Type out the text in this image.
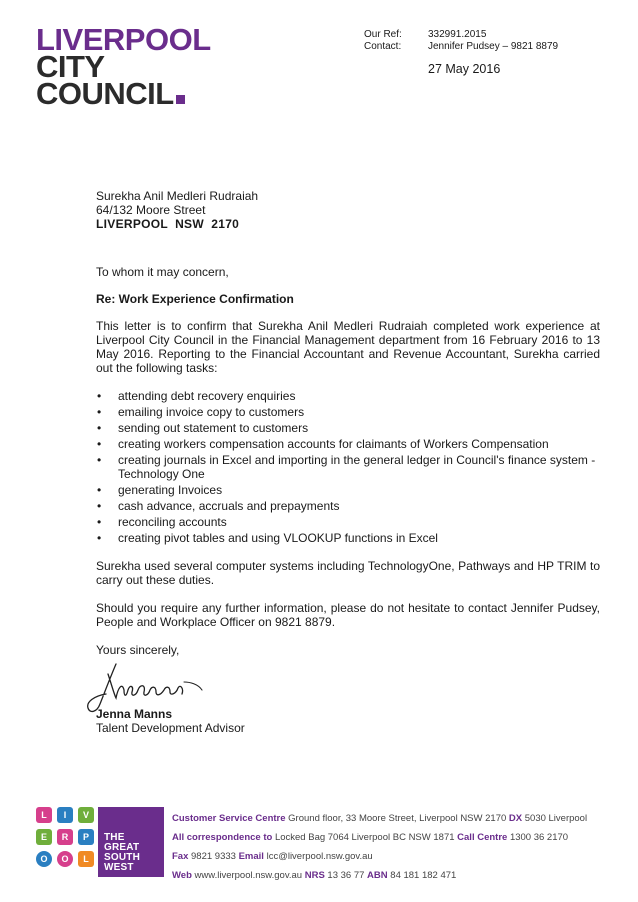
LIVERPOOL
CITY
COUNCIL
Our Ref:	332991.2015
Contact:	Jennifer Pudsey – 9821 8879
27 May 2016
Surekha Anil Medleri Rudraiah
64/132 Moore Street
LIVERPOOL  NSW  2170

To whom it may concern,

Re: Work Experience Confirmation

This letter is to confirm that Surekha Anil Medleri Rudraiah completed work experience at Liverpool City Council in the Financial Management department from 16 February 2016 to 13 May 2016. Reporting to the Financial Accountant and Revenue Accountant, Surekha carried out the following tasks:

• attending debt recovery enquiries
• emailing invoice copy to customers
• sending out statement to customers
• creating workers compensation accounts for claimants of Workers Compensation
• creating journals in Excel and importing in the general ledger in Council's finance system - Technology One
• generating Invoices
• cash advance, accruals and prepayments
• reconciling accounts
• creating pivot tables and using VLOOKUP functions in Excel

Surekha used several computer systems including TechnologyOne, Pathways and HP TRIM to carry out these duties.

Should you require any further information, please do not hesitate to contact Jennifer Pudsey, People and Workplace Officer on 9821 8879.

Yours sincerely,

Jenna Manns
Talent Development Advisor
L	I	V
E	R	P
O	O	L
THE
GREAT
SOUTH
WEST
Customer Service Centre Ground floor, 33 Moore Street, Liverpool NSW 2170 DX 5030 Liverpool
All correspondence to Locked Bag 7064 Liverpool BC NSW 1871 Call Centre 1300 36 2170
Fax 9821 9333 Email lcc@liverpool.nsw.gov.au
Web www.liverpool.nsw.gov.au NRS 13 36 77 ABN 84 181 182 471
